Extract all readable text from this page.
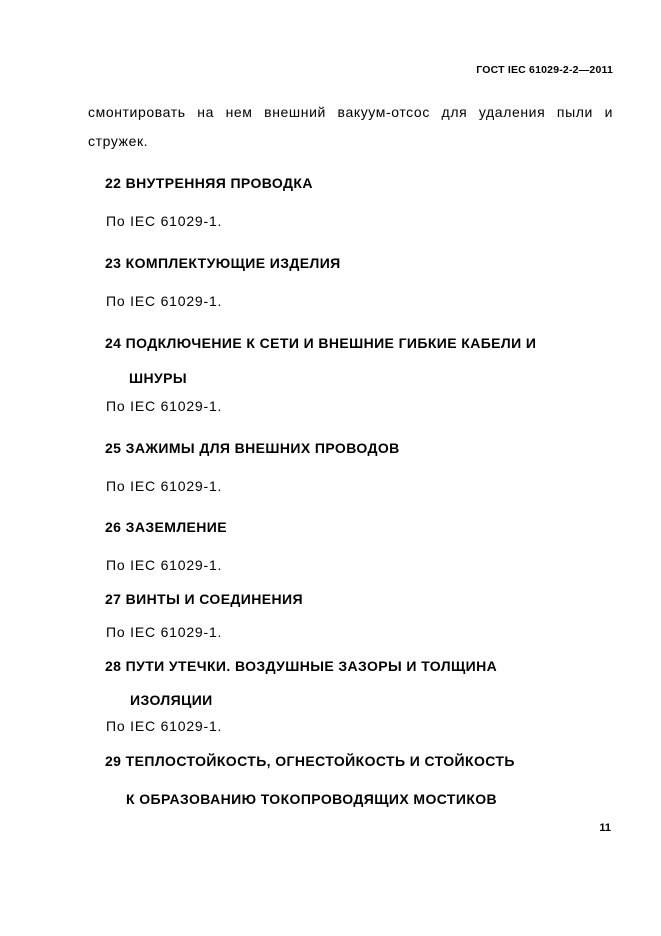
ГОСТ IEC 61029-2-2—2011
смонтировать на нем внешний вакуум-отсос для удаления пыли и
стружек.
22 ВНУТРЕННЯЯ ПРОВОДКА
По IEC 61029-1.
23 КОМПЛЕКТУЮЩИЕ ИЗДЕЛИЯ
По IEC 61029-1.
24 ПОДКЛЮЧЕНИЕ К СЕТИ И ВНЕШНИЕ ГИБКИЕ КАБЕЛИ И
ШНУРЫ
По IEC 61029-1.
25 ЗАЖИМЫ ДЛЯ ВНЕШНИХ ПРОВОДОВ
По IEC 61029-1.
26 ЗАЗЕМЛЕНИЕ
По IEC 61029-1.
27 ВИНТЫ И СОЕДИНЕНИЯ
По IEC 61029-1.
28 ПУТИ УТЕЧКИ. ВОЗДУШНЫЕ ЗАЗОРЫ И ТОЛЩИНА
ИЗОЛЯЦИИ
По IEC 61029-1.
29 ТЕПЛОСТОЙКОСТЬ, ОГНЕСТОЙКОСТЬ И СТОЙКОСТЬ
К ОБРАЗОВАНИЮ ТОКОПРОВОДЯЩИХ МОСТИКОВ
11
